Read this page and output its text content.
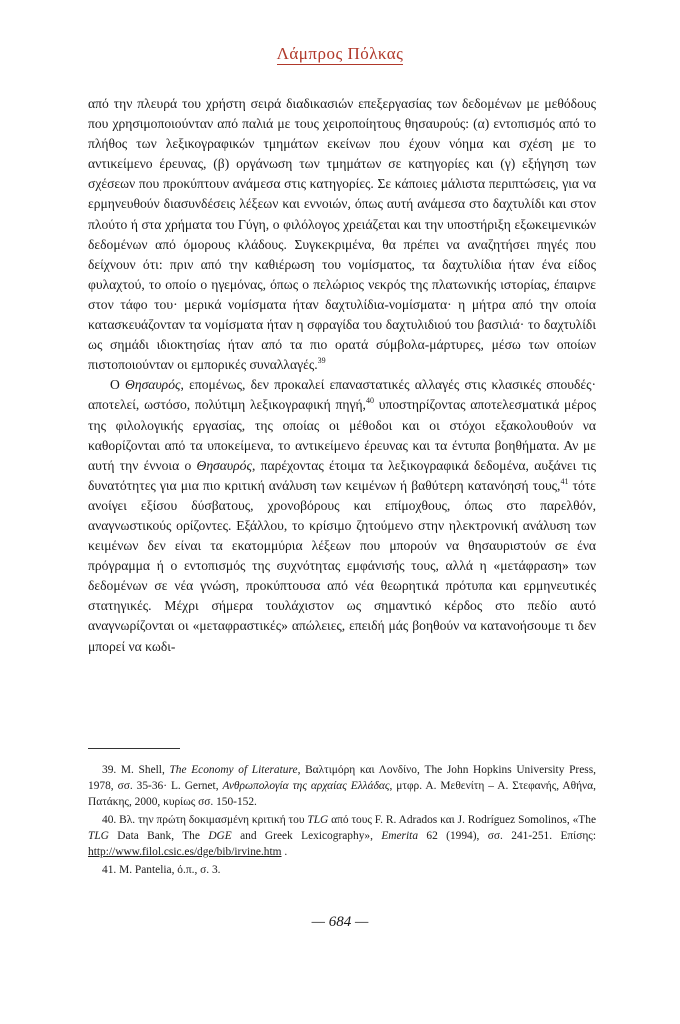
Λάμπρος Πόλκας

από την πλευρά του χρήστη σειρά διαδικασιών επεξεργασίας των δεδομένων με μεθόδους που χρησιμοποιούνταν από παλιά με τους χειροποίητους θησαυρούς: (α) εντοπισμός από το πλήθος των λεξικογραφικών τμημάτων εκείνων που έχουν νόημα και σχέση με το αντικείμενο έρευνας, (β) οργάνωση των τμημάτων σε κατηγορίες και (γ) εξήγηση των σχέσεων που προκύπτουν ανάμεσα στις κατηγορίες. Σε κάποιες μάλιστα περιπτώσεις, για να ερμηνευθούν διασυνδέσεις λέξεων και εννοιών, όπως αυτή ανάμεσα στο δαχτυλίδι και στον πλούτο ή στα χρήματα του Γύγη, ο φιλόλογος χρειάζεται και την υποστήριξη εξωκειμενικών δεδομένων από όμορους κλάδους. Συγκεκριμένα, θα πρέπει να αναζητήσει πηγές που δείχνουν ότι: πριν από την καθιέρωση του νομίσματος, τα δαχτυλίδια ήταν ένα είδος φυλαχτού, το οποίο ο ηγεμόνας, όπως ο πελώριος νεκρός της πλατωνικής ιστορίας, έπαιρνε στον τάφο του· μερικά νομίσματα ήταν δαχτυλίδια-νομίσματα· η μήτρα από την οποία κατασκευάζονταν τα νομίσματα ήταν η σφραγίδα του δαχτυλιδιού του βασιλιά· το δαχτυλίδι ως σημάδι ιδιοκτησίας ήταν από τα πιο ορατά σύμβολα-μάρτυρες, μέσω των οποίων πιστοποιούνταν οι εμπορικές συναλλαγές.$^{39}$

Ο Θησαυρός, επομένως, δεν προκαλεί επαναστατικές αλλαγές στις κλασικές σπουδές· αποτελεί, ωστόσο, πολύτιμη λεξικογραφική πηγή,$^{40}$ υποστηρίζοντας αποτελεσματικά μέρος της φιλολογικής εργασίας, της οποίας οι μέθοδοι και οι στόχοι εξακολουθούν να καθορίζονται από τα υποκείμενα, το αντικείμενο έρευνας και τα έντυπα βοηθήματα. Αν με αυτή την έννοια ο Θησαυρός, παρέχοντας έτοιμα τα λεξικογραφικά δεδομένα, αυξάνει τις δυνατότητες για μια πιο κριτική ανάλυση των κειμένων ή βαθύτερη κατανόησή τους,$^{41}$ τότε ανοίγει εξίσου δύσβατους, χρονοβόρους και επίμοχθους, όπως στο παρελθόν, αναγνωστικούς ορίζοντες. Εξάλλου, το κρίσιμο ζητούμενο στην ηλεκτρονική ανάλυση των κειμένων δεν είναι τα εκατομμύρια λέξεων που μπορούν να θησαυριστούν σε ένα πρόγραμμα ή ο εντοπισμός της συχνότητας εμφάνισής τους, αλλά η «μετάφραση» των δεδομένων σε νέα γνώση, προκύπτουσα από νέα θεωρητικά πρότυπα και ερμηνευτικές στατηγικές. Μέχρι σήμερα τουλάχιστον ως σημαντικό κέρδος στο πεδίο αυτό αναγνωρίζονται οι «μεταφραστικές» απώλειες, επειδή μάς βοηθούν να κατανοήσουμε τι δεν μπορεί να κωδι-

39. M. Shell, The Economy of Literature, Βαλτιμόρη και Λονδίνο, The John Hopkins University Press, 1978, σσ. 35-36· L. Gernet, Ανθρωπολογία της αρχαίας Ελλάδας, μτφρ. Α. Μεθενίτη – Α. Στεφανής, Αθήνα, Πατάκης, 2000, κυρίως σσ. 150-152.

40. Βλ. την πρώτη δοκιμασμένη κριτική του TLG από τους F. R. Adrados και J. Rodríguez Somolinos, «The TLG Data Bank, The DGE and Greek Lexicography», Emerita 62 (1994), σσ. 241-251. Επίσης: http://www.filol.csic.es/dge/bib/irvine.htm .

41. M. Pantelia, ό.π., σ. 3.

— 684 —
